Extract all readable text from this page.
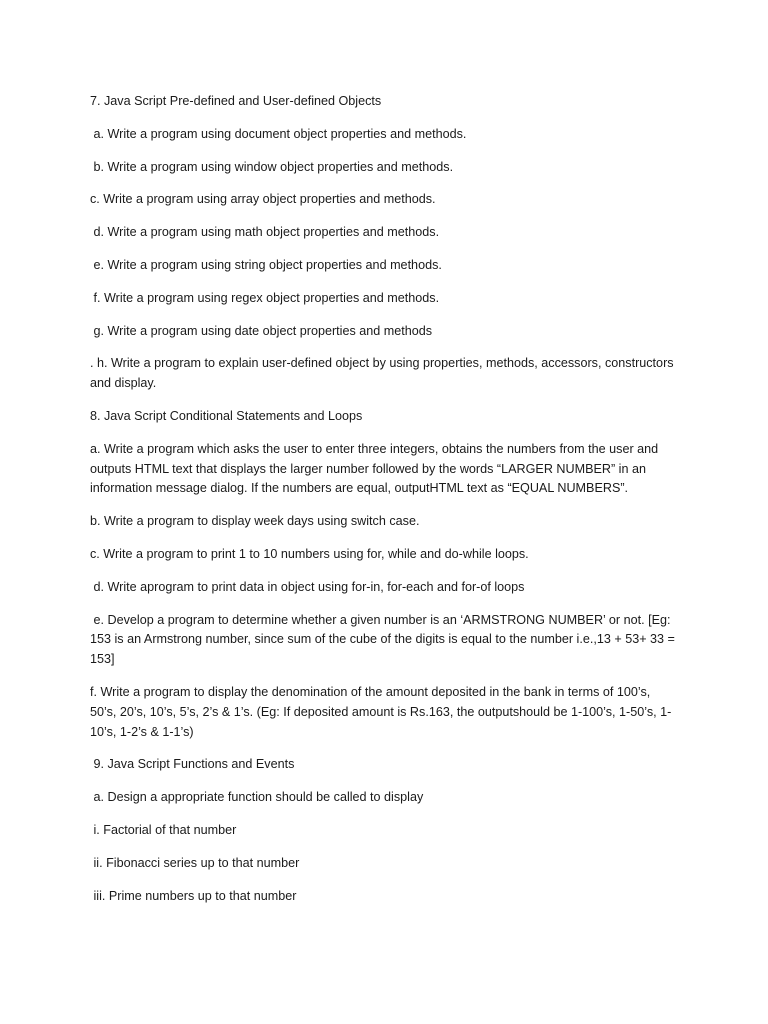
7. Java Script Pre-defined and User-defined Objects

a. Write a program using document object properties and methods.

b. Write a program using window object properties and methods.

c. Write a program using array object properties and methods.

d. Write a program using math object properties and methods.

e. Write a program using string object properties and methods.

f. Write a program using regex object properties and methods.

g. Write a program using date object properties and methods

. h. Write a program to explain user-defined object by using properties, methods, accessors, constructors and display.

8. Java Script Conditional Statements and Loops

a. Write a program which asks the user to enter three integers, obtains the numbers from the user and outputs HTML text that displays the larger number followed by the words “LARGER NUMBER” in an information message dialog. If the numbers are equal, outputHTML text as “EQUAL NUMBERS”.

b. Write a program to display week days using switch case.

c. Write a program to print 1 to 10 numbers using for, while and do-while loops.

d. Write aprogram to print data in object using for-in, for-each and for-of loops

e. Develop a program to determine whether a given number is an ‘ARMSTRONG NUMBER’ or not. [Eg: 153 is an Armstrong number, since sum of the cube of the digits is equal to the number i.e.,13 + 53+ 33 = 153]

f. Write a program to display the denomination of the amount deposited in the bank in terms of 100’s, 50’s, 20’s, 10’s, 5’s, 2’s & 1’s. (Eg: If deposited amount is Rs.163, the outputshould be 1-100’s, 1-50’s, 1-10’s, 1-2’s & 1-1’s)

9. Java Script Functions and Events

a. Design a appropriate function should be called to display

i. Factorial of that number

ii. Fibonacci series up to that number

iii. Prime numbers up to that number
